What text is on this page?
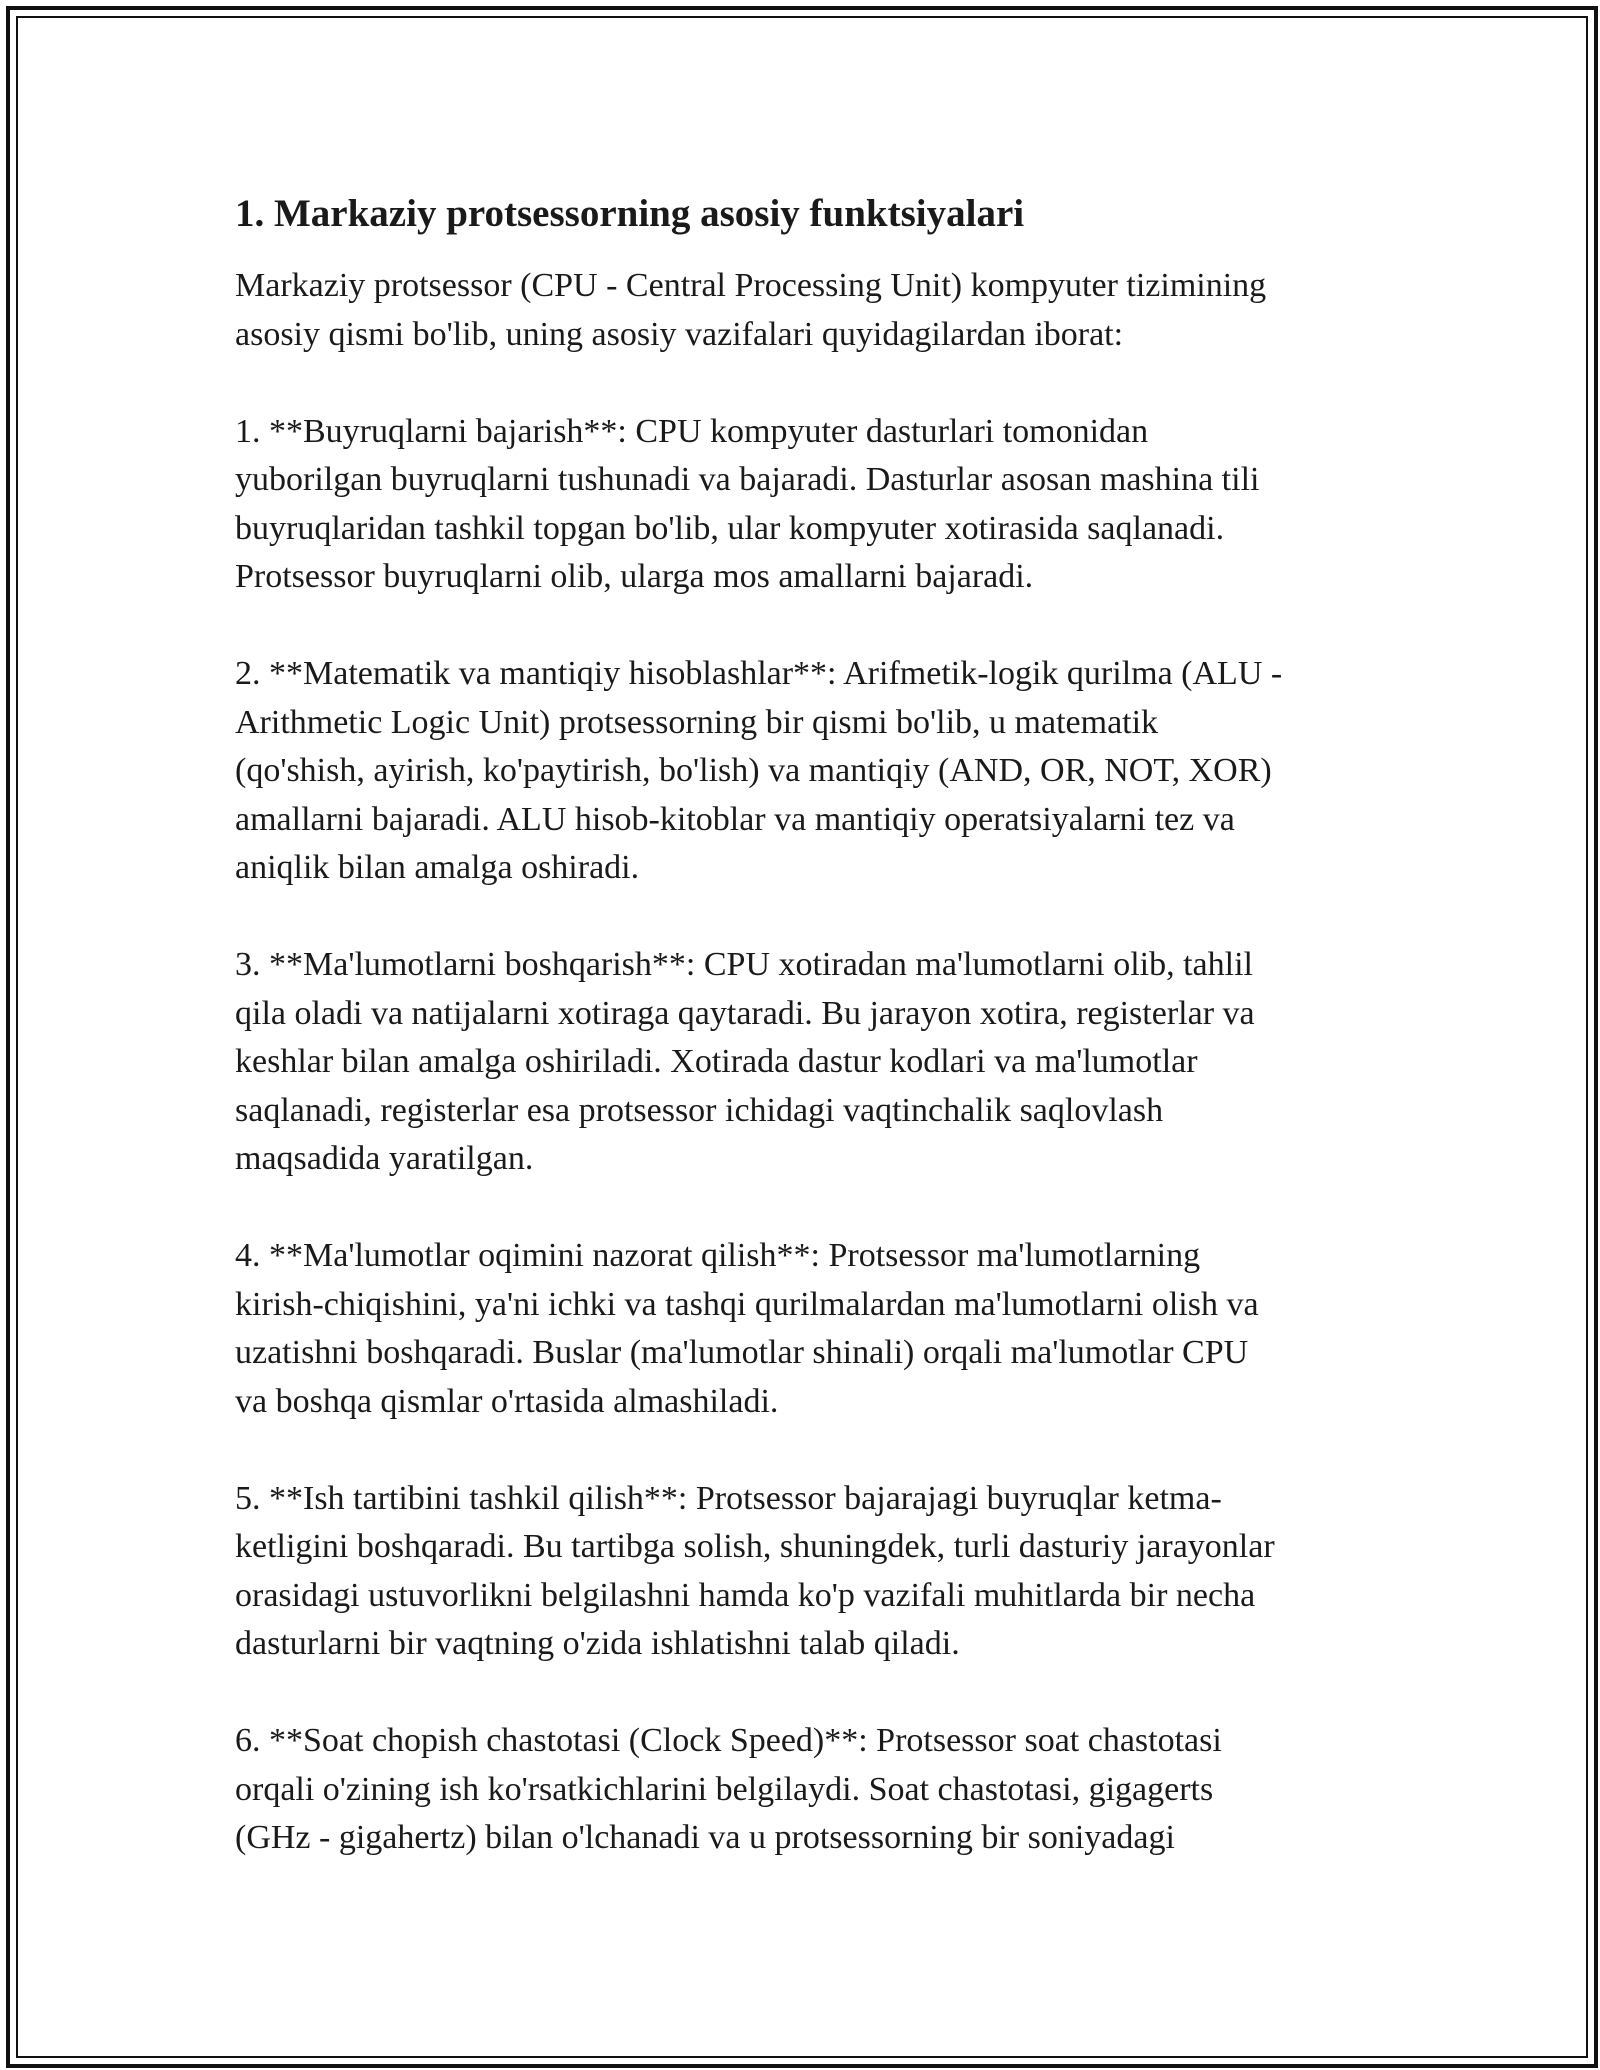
1. Markaziy protsessorning asosiy funktsiyalari

Markaziy protsessor (CPU - Central Processing Unit) kompyuter tizimining
asosiy qismi bo'lib, uning asosiy vazifalari quyidagilardan iborat:

1. **Buyruqlarni bajarish**: CPU kompyuter dasturlari tomonidan
yuborilgan buyruqlarni tushunadi va bajaradi. Dasturlar asosan mashina tili
buyruqlaridan tashkil topgan bo'lib, ular kompyuter xotirasida saqlanadi.
Protsessor buyruqlarni olib, ularga mos amallarni bajaradi.

2. **Matematik va mantiqiy hisoblashlar**: Arifmetik-logik qurilma (ALU -
Arithmetic Logic Unit) protsessorning bir qismi bo'lib, u matematik
(qo'shish, ayirish, ko'paytirish, bo'lish) va mantiqiy (AND, OR, NOT, XOR)
amallarni bajaradi. ALU hisob-kitoblar va mantiqiy operatsiyalarni tez va
aniqlik bilan amalga oshiradi.

3. **Ma'lumotlarni boshqarish**: CPU xotiradan ma'lumotlarni olib, tahlil
qila oladi va natijalarni xotiraga qaytaradi. Bu jarayon xotira, registerlar va
keshlar bilan amalga oshiriladi. Xotirada dastur kodlari va ma'lumotlar
saqlanadi, registerlar esa protsessor ichidagi vaqtinchalik saqlovlash
maqsadida yaratilgan.

4. **Ma'lumotlar oqimini nazorat qilish**: Protsessor ma'lumotlarning
kirish-chiqishini, ya'ni ichki va tashqi qurilmalardan ma'lumotlarni olish va
uzatishni boshqaradi. Buslar (ma'lumotlar shinali) orqali ma'lumotlar CPU
va boshqa qismlar o'rtasida almashiladi.

5. **Ish tartibini tashkil qilish**: Protsessor bajarajagi buyruqlar ketma-
ketligini boshqaradi. Bu tartibga solish, shuningdek, turli dasturiy jarayonlar
orasidagi ustuvorlikni belgilashni hamda ko'p vazifali muhitlarda bir necha
dasturlarni bir vaqtning o'zida ishlatishni talab qiladi.

6. **Soat chopish chastotasi (Clock Speed)**: Protsessor soat chastotasi
orqali o'zining ish ko'rsatkichlarini belgilaydi. Soat chastotasi, gigagerts
(GHz - gigahertz) bilan o'lchanadi va u protsessorning bir soniyadagi
